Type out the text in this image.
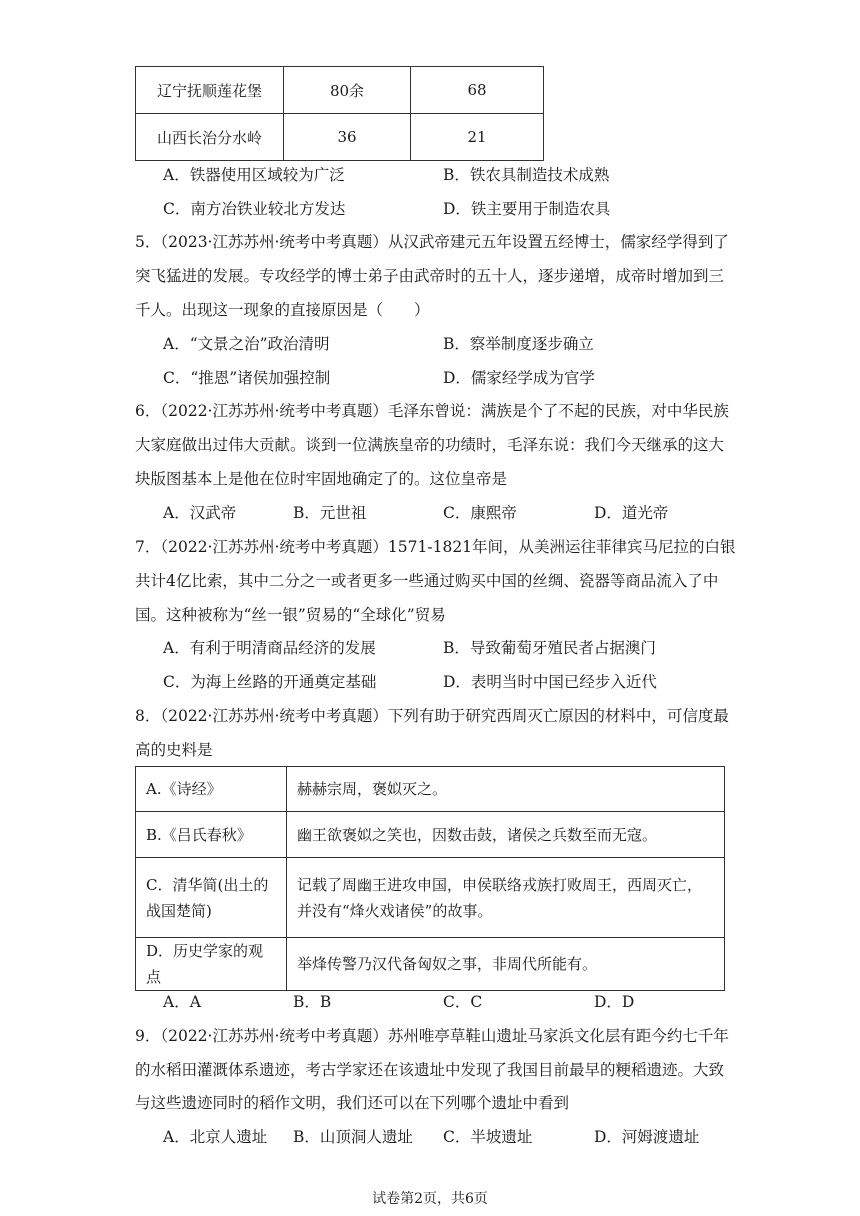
辽宁抚顺莲花堡	80余	68
山西长治分水岭	36	21
A．铁器使用区域较为广泛	B．铁农具制造技术成熟
C．南方冶铁业较北方发达	D．铁主要用于制造农具
5．（2023·江苏苏州·统考中考真题）从汉武帝建元五年设置五经博士，儒家经学得到了
突飞猛进的发展。专攻经学的博士弟子由武帝时的五十人，逐步递增，成帝时增加到三
千人。出现这一现象的直接原因是（　　）
A．“文景之治”政治清明	B．察举制度逐步确立
C．“推恩”诸侯加强控制	D．儒家经学成为官学
6．（2022·江苏苏州·统考中考真题）毛泽东曾说：满族是个了不起的民族，对中华民族
大家庭做出过伟大贡献。谈到一位满族皇帝的功绩时，毛泽东说：我们今天继承的这大
块版图基本上是他在位时牢固地确定了的。这位皇帝是
A．汉武帝	B．元世祖	C．康熙帝	D．道光帝
7．（2022·江苏苏州·统考中考真题）1571-1821年间，从美洲运往菲律宾马尼拉的白银
共计4亿比索，其中二分之一或者更多一些通过购买中国的丝绸、瓷器等商品流入了中
国。这种被称为“丝一银”贸易的“全球化”贸易
A．有利于明清商品经济的发展	B．导致葡萄牙殖民者占据澳门
C．为海上丝路的开通奠定基础	D．表明当时中国已经步入近代
8．（2022·江苏苏州·统考中考真题）下列有助于研究西周灭亡原因的材料中，可信度最
高的史料是
A.《诗经》	赫赫宗周，褒姒灭之。
B.《吕氏春秋》	幽王欲褒姒之笑也，因数击鼓，诸侯之兵数至而无寇。
C．清华简(出土的战国楚简)	记载了周幽王进攻申国，申侯联络戎族打败周王，西周灭亡，并没有“烽火戏诸侯”的故事。
D．历史学家的观点	举烽传警乃汉代备匈奴之事，非周代所能有。
A．A	B．B	C．C	D．D
9．（2022·江苏苏州·统考中考真题）苏州唯亭草鞋山遗址马家浜文化层有距今约七千年
的水稻田灌溉体系遗迹，考古学家还在该遗址中发现了我国目前最早的粳稻遗迹。大致
与这些遗迹同时的稻作文明，我们还可以在下列哪个遗址中看到
A．北京人遗址 B．山顶洞人遗址 C．半坡遗址	D．河姆渡遗址
试卷第2页，共6页
